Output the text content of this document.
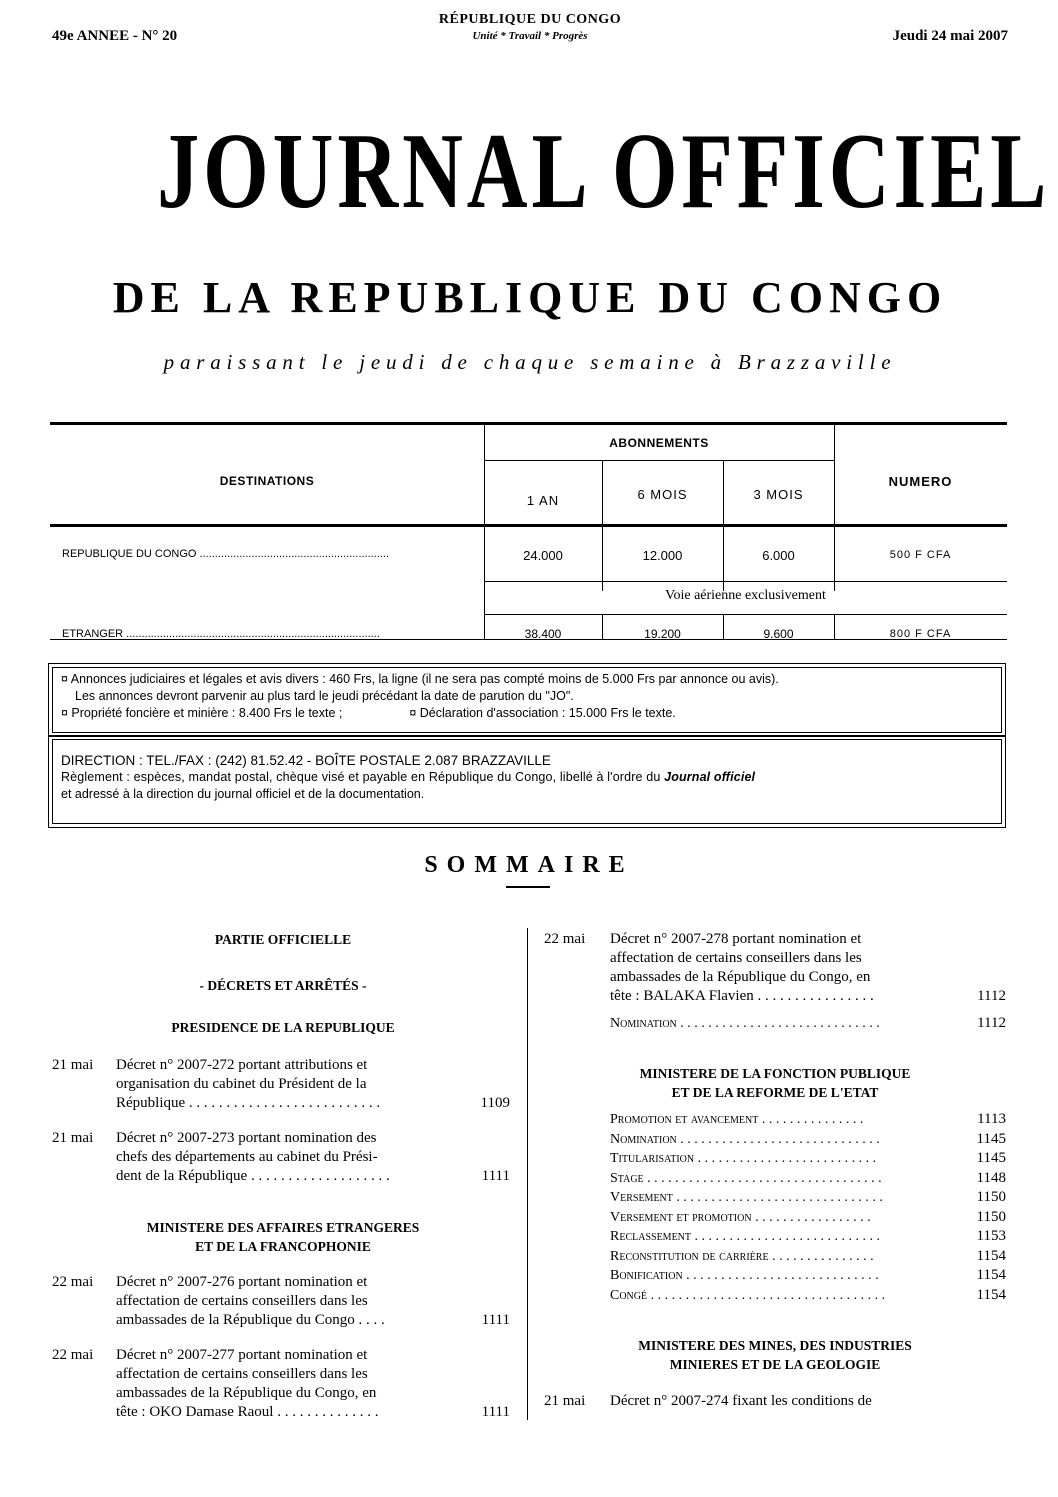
49e ANNEE - N° 20
RÉPUBLIQUE DU CONGO
Unité * Travail * Progrès	Jeudi 24 mai 2007
JOURNAL OFFICIEL
DE LA REPUBLIQUE DU CONGO
paraissant le jeudi de chaque semaine à Brazzaville
DESTINATIONS
ABONNEMENTS
NUMERO
1 AN	6 MOIS	3 MOIS
REPUBLIQUE DU CONGO ..............................................................	24.000	12.000	6.000	500 F CFA
Voie aérienne exclusivement
ETRANGER ...................................................................................	38.400	19.200	9.600	800 F CFA

¤ Annonces judiciaires et légales et avis divers : 460 Frs, la ligne (il ne sera pas compté moins de 5.000 Frs par annonce ou avis).

Les annonces devront parvenir au plus tard le jeudi précédant la date de parution du "JO".

¤ Propriété foncière et minière : 8.400 Frs le texte ;	¤ Déclaration d'association : 15.000 Frs le texte.

DIRECTION : TEL./FAX : (242) 81.52.42 - BOÎTE POSTALE 2.087 BRAZZAVILLE

Règlement : espèces, mandat postal, chèque visé et payable en République du Congo, libellé à l'ordre du Journal officiel

et adressé à la direction du journal officiel et de la documentation.

SOMMAIRE
PARTIE OFFICIELLE
- DÉCRETS ET ARRÊTÉS -
PRESIDENCE DE LA REPUBLIQUE
21 mai Décret n° 2007-272 portant attributions et
organisation du cabinet du Président de la
République . . . . . . . . . . . . . . . . . . . . . . . . . .	1109
21 mai Décret n° 2007-273 portant nomination des
chefs des départements au cabinet du Prési-
dent de la République . . . . . . . . . . . . . . . . . . .	1111
MINISTERE DES AFFAIRES ETRANGERES
ET DE LA FRANCOPHONIE
22 mai Décret n° 2007-276 portant nomination et
affectation de certains conseillers dans les
ambassades de la République du Congo . . . .	1111
22 mai Décret n° 2007-277 portant nomination et
affectation de certains conseillers dans les
ambassades de la République du Congo, en
tête : OKO Damase Raoul . . . . . . . . . . . . . .	1111
22 mai Décret n° 2007-278 portant nomination et
affectation de certains conseillers dans les
ambassades de la République du Congo, en
tête : BALAKA Flavien . . . . . . . . . . . . . . . .	1112
Nomination . . . . . . . . . . . . . . . . . . . . . . . . . . . . .	1112
MINISTERE DE LA FONCTION PUBLIQUE
ET DE LA REFORME DE L'ETAT
Promotion et avancement . . . . . . . . . . . . . . .	1113
Nomination . . . . . . . . . . . . . . . . . . . . . . . . . . . . .	1145
Titularisation . . . . . . . . . . . . . . . . . . . . . . . . . .	1145
Stage . . . . . . . . . . . . . . . . . . . . . . . . . . . . . . . . . .	1148
Versement . . . . . . . . . . . . . . . . . . . . . . . . . . . . . .	1150
Versement et promotion . . . . . . . . . . . . . . . . .	1150
Reclassement . . . . . . . . . . . . . . . . . . . . . . . . . . .	1153
Reconstitution de carrière . . . . . . . . . . . . . . .	1154
Bonification . . . . . . . . . . . . . . . . . . . . . . . . . . . .	1154
Congé . . . . . . . . . . . . . . . . . . . . . . . . . . . . . . . . . .	1154
MINISTERE DES MINES, DES INDUSTRIES
MINIERES ET DE LA GEOLOGIE
21 mai Décret n° 2007-274 fixant les conditions de
